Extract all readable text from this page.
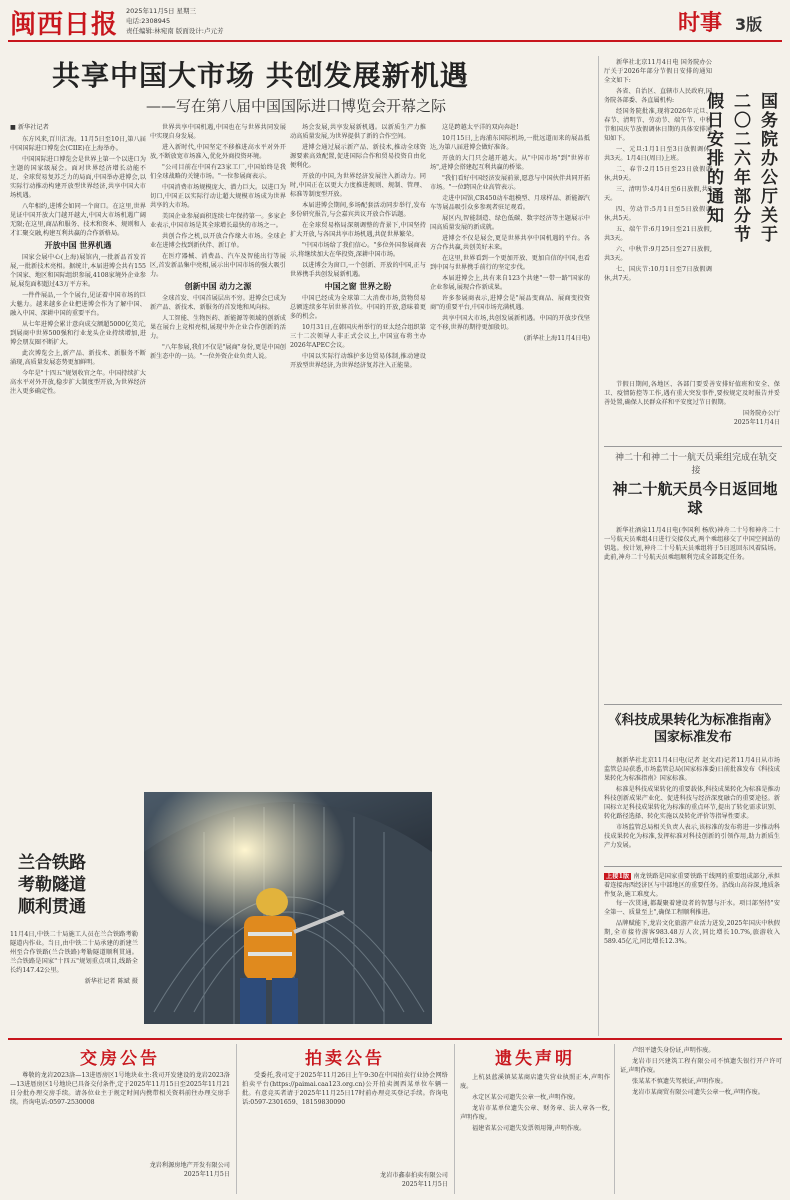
闽西日报 2025年11月5日 星期三
电话:2308945
责任编辑:林宛南 版面设计:卢元芳	时事 3版
共享中国大市场 共创发展新机遇
——写在第八届中国国际进口博览会开幕之际
■ 新华社记者

东方风来,百川汇海。11月5日至10日,第八届中国国际进口博览会(CIIE)在上海举办。

中国国际进口博览会是世界上第一个以进口为主题的国家级展会。面对世界经济增长动能不足、全球贸易复苏乏力的局面,中国举办进博会,以实际行动推动构建开放型世界经济,共享中国大市场机遇。

八年相约,进博会如同一个窗口。在这里,世界见证中国开放大门越开越大,中国大市场机遇广阔无限;在这里,商品和服务、技术和资本、规则和人才汇聚交融,构建互利共赢的合作新格局。

开放中国 世界机遇

国家会展中心(上海)展馆内,一批新品首发首展,一批新技术亮相。据统计,本届进博会共有155个国家、地区和国际组织参展,4108家境外企业参展,展览面积超过43万平方米。

一件件展品,一个个展台,见证着中国市场的巨大魅力。越来越多企业把进博会作为了解中国、融入中国、深耕中国的重要平台。

从七年进博会累计意向成交额超5000亿美元,到展商中世界500强和行业龙头企业持续增加,进博会朋友圈不断扩大。

此次博览会上,新产品、新技术、新服务不断涌现,高质量发展态势更加鲜明。

今年是"十四五"规划收官之年。中国持续扩大高水平对外开放,稳步扩大制度型开放,为世界经济注入更多确定性。

世界共享中国机遇,中国也在与世界共同发展中实现自身发展。

进入新时代,中国坚定不移推进高水平对外开放,不断放宽市场准入,优化外商投资环境。

"公司目前在中国有23家工厂,中国始终是我们全球战略的关键市场。"一位参展商表示。

中国消费市场规模庞大、潜力巨大。以进口为切口,中国正以实际行动让超大规模市场成为世界共享的大市场。

美国企业参展面积连续七年保持第一。多家企业表示,中国市场是其全球增长最快的市场之一。

共创合作之机,以开放合作缘大市场。全球企业在进博会找到新伙伴、新订单。

在医疗器械、消费品、汽车及智能出行等展区,首发新品集中亮相,展示出中国市场的强大吸引力。

创新中国 动力之源

全球首发、中国首展层出不穷。进博会已成为新产品、新技术、新服务的首发地和风向标。

人工智能、生物医药、新能源等领域的创新成果在展台上竞相亮相,展现中外企业合作创新的活力。

"八年参展,我们不仅是"展商"身份,更是中国创新生态中的一员。"一位外资企业负责人说。

场会发展,共享发展新机遇。以新质生产力推动高质量发展,为世界提供了新的合作空间。

进博会通过展示新产品、新技术,推动全球资源要素高效配置,促进国际合作和贸易投资自由化便利化。

开放的中国,为世界经济发展注入新动力。同时,中国正在以更大力度推进规则、规制、管理、标准等制度型开放。

本届进博会期间,多场配套活动同步举行,发布多份研究报告,与会嘉宾共议开放合作话题。

在全球贸易格局深刻调整的背景下,中国坚持扩大开放,与各国共享市场机遇,共促世界繁荣。

"中国市场给了我们信心。"多位外国参展商表示,将继续加大在华投资,深耕中国市场。

以进博会为窗口,一个创新、开放的中国,正与世界携手共创发展新机遇。

中国之窗 世界之盼

中国已经成为全球第二大消费市场,货物贸易总额连续多年居世界首位。中国的开放,意味着更多的机会。

10月31日,在韩国庆州举行的亚太经合组织第三十二次领导人非正式会议上,中国宣布将主办2026年APEC会议。

中国以实际行动维护多边贸易体制,推动建设开放型世界经济,为世界经济复苏注入正能量。

这是跨越太平洋的双向奔赴!

10月15日,上海浦东国际机场,一批远道而来的展品抵达,为第八届进博会做好准备。

开放的大门只会越开越大。从"中国市场"到"世界市场",进博会搭建起互利共赢的桥梁。

"我们看好中国经济发展前景,愿意与中国伙伴共同开拓市场。"一位跨国企业高管表示。

走进中国馆,CR450动车组模型、月球样品、新能源汽车等展品吸引众多参观者驻足观看。

展区内,智能制造、绿色低碳、数字经济等主题展示中国高质量发展的新成就。

进博会不仅是展会,更是世界共享中国机遇的平台。各方合作共赢,共创美好未来。

在这里,世界看到一个更加开放、更加自信的中国,也看到中国与世界携手前行的坚定步伐。

本届进博会上,共有来自123个共建"一带一路"国家的企业参展,展现合作新成果。

许多参展商表示,进博会是"展品变商品、展商变投资商"的重要平台,中国市场充满机遇。

共享中国大市场,共创发展新机遇。中国的开放步伐坚定不移,世界的期待更加殷切。

(新华社上海11月4日电)
兰合铁路
考勒隧道
顺利贯通
11月4日,中铁二十局施工人员在兰合铁路考勒隧道内作业。当日,由中铁二十局承建的新建兰州至合作铁路(兰合铁路)考勒隧道顺利贯通。兰合铁路是国家"十四五"规划重点项目,线路全长约147.42公里。
新华社记者 陈斌 摄

新华社北京11月4日电 国务院办公厅关于2026年部分节假日安排的通知全文如下:

各省、自治区、直辖市人民政府,国务院各部委、各直属机构:

经国务院批准,现将2026年元旦、春节、清明节、劳动节、端午节、中秋节和国庆节放假调休日期的具体安排通知如下。

一、元旦:1月1日至3日放假调休,共3天。1月4日(周日)上班。

二、春节:2月15日至23日放假调休,共9天。

三、清明节:4月4日至6日放假,共3天。

四、劳动节:5月1日至5日放假调休,共5天。

五、端午节:6月19日至21日放假,共3天。

六、中秋节:9月25日至27日放假,共3天。

七、国庆节:10月1日至7日放假调休,共7天。

国务院办公厅关于
二〇二六年部分节
假日安排的通知

节假日期间,各地区、各部门要妥善安排好值班和安全、保卫、疫情防控等工作,遇有重大突发事件,要按规定及时报告并妥善处置,确保人民群众祥和平安度过节日假期。

国务院办公厅
2025年11月4日
神二十和神二十一航天员乘组完成在轨交接
神二十航天员今日返回地球
新华社酒泉11月4日电(李国利 杨欣)神舟二十号和神舟二十一号航天员乘组4日进行交接仪式,两个乘组移交了中国空间站的钥匙。按计划,神舟二十号航天员乘组将于5日返回东风着陆场。此前,神舟二十号航天员乘组顺利完成全部既定任务。
《科技成果转化为标准指南》国家标准发布

据新华社北京11月4日电(记者 赵文君)记者11月4日从市场监管总局获悉,市场监管总局(国家标准委)日前批准发布《科技成果转化为标准指南》国家标准。

标准是科技成果转化的重要载体,科技成果转化为标准是推动科技创新成果产业化、促进科技与经济深度融合的重要途径。新国标立足科技成果转化为标准的重点环节,提出了转化需求识别、转化路径选择、转化实施以及转化评价等指导性要求。

市场监管总局相关负责人表示,该标准的发布将进一步推动科技成果转化为标准,发挥标准对科技创新的引领作用,助力新质生产力发展。

上接1版 南龙铁路是国家重要铁路干线网的重要组成部分,承担着连接海西经济区与中部地区的重要任务。沿线山高谷深,地质条件复杂,施工难度大。

每一次贯通,都凝聚着建设者的智慧与汗水。项目部坚持"安全第一、质量至上",确保工程顺利推进。

品牌赋能下,龙岩文化旅游产业活力迸发,2025年国庆中秋假期,全市接待游客983.48万人次,同比增长10.7%,旅游收入589.45亿元,同比增长12.3%。

交房公告
尊敬的龙岩2023洛—13进厝房区1号地块业主:我司开发建设的龙岩2023洛—13进厝房区1号地块已具备交付条件,定于2025年11月15日至2025年11月21日分批办理交房手续。请各位业主于规定时间内携带相关资料前往办理交房手续。咨询电话:0597-2530008
龙岩利源房地产开发有限公司
2025年11月5日
拍卖公告
受委托,我司定于2025年11月26日上午9:30在中国拍卖行业协会网络拍卖平台(https://paimai.caa123.org.cn)公开拍卖闽西某单位车辆一批。有意竞买者请于2025年11月25日17时前办理竞买登记手续。咨询电话:0597-2301659、18159830090
龙岩市鑫泰拍卖有限公司
2025年11月5日
遗失声明

上杭县蓝溪镇某某商店遗失营业执照正本,声明作废。

永定区某公司遗失公章一枚,声明作废。

龙岩市某单位遗失公章、财务章、法人章各一枚,声明作废。

福建省某公司遗失发票领用簿,声明作废。

卢绍平遗失身份证,声明作废。

龙岩市日兴建筑工程有限公司不慎遗失银行开户许可证,声明作废。

张某某不慎遗失驾驶证,声明作废。

龙岩市某商贸有限公司遗失公章一枚,声明作废。
